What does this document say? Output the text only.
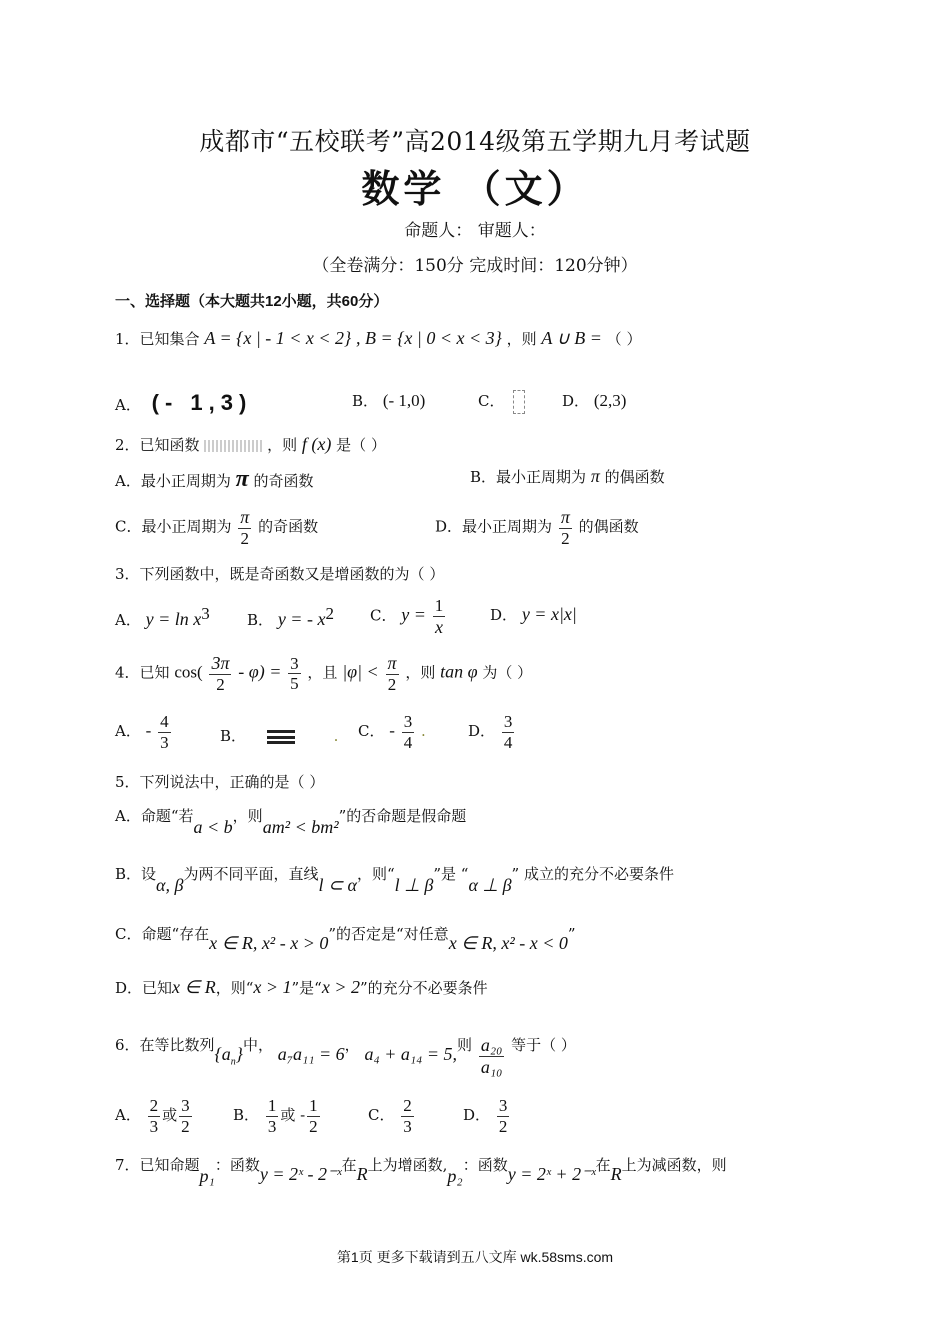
成都市“五校联考”高2014级第五学期九月考试题
数学 （文）
命题人： 审题人：
（全卷满分：150分 完成时间：120分钟）
一、选择题（本大题共12小题，共60分）
1．已知集合 A = {x | - 1 < x < 2} , B = {x | 0 < x < 3} ，则 A ∪ B = （ ）
A． (- 1,3)	B． (- 1,0)	C．	D． (2,3)
2．已知函数	，则 f (x) 是（ ）
A．最小正周期为 π 的奇函数	B．最小正周期为 π 的偶函数
C．最小正周期为 $\frac{\pi}{2}$ 的奇函数	D．最小正周期为 $\frac{\pi}{2}$ 的偶函数
3．下列函数中，既是奇函数又是增函数的为（ ）
A． $y = \ln x^3$ B． y = - $x^2$ C． $y = \frac{1}{x}$	D． y = x|x|
4．已知 $\cos( \frac{3\pi}{2} - \varphi) = \frac{3}{5}$ ，且 $|\varphi| < \frac{\pi}{2}$ ，则 tan φ 为（ ）
A． - $\frac{4}{3}$	B．	. C． - $\frac{3}{4}$ .	D． $\frac{3}{4}$
5．下列说法中，正确的是（ ）
A．命题“若a < b，则am² < bm²”的否命题是假命题
B．设α, β为两不同平面，直线l ⊂ α，则“l ⊥ β”是 “α ⊥ β” 成立的充分不必要条件
C．命题“存在x ∈ R, x² - x > 0”的否定是“对任意x ∈ R, x² - x < 0”
D．已知x ∈ R，则“x > 1”是“x > 2”的充分不必要条件
6．在等比数列$\{a_n\}$中， a₇a₁₁ = 6， a₄ + a₁₄ = 5,则 $\frac{\text{a₂₀}}{\text{a₁₀}}$ 等于（ ）
A． $\frac{2}{3}$ 或 $\frac{3}{2}$	B． $\frac{1}{3}$ 或 - $\frac{1}{2}$	C． $\frac{2}{3}$	D． $\frac{3}{2}$
7．已知命题p₁：函数y = 2ˣ - 2⁻ˣ在R上为增函数,p₂：函数y = 2ˣ + 2⁻ˣ在R上为减函数，则
第1页 更多下载请到五八文库 wk.58sms.com
